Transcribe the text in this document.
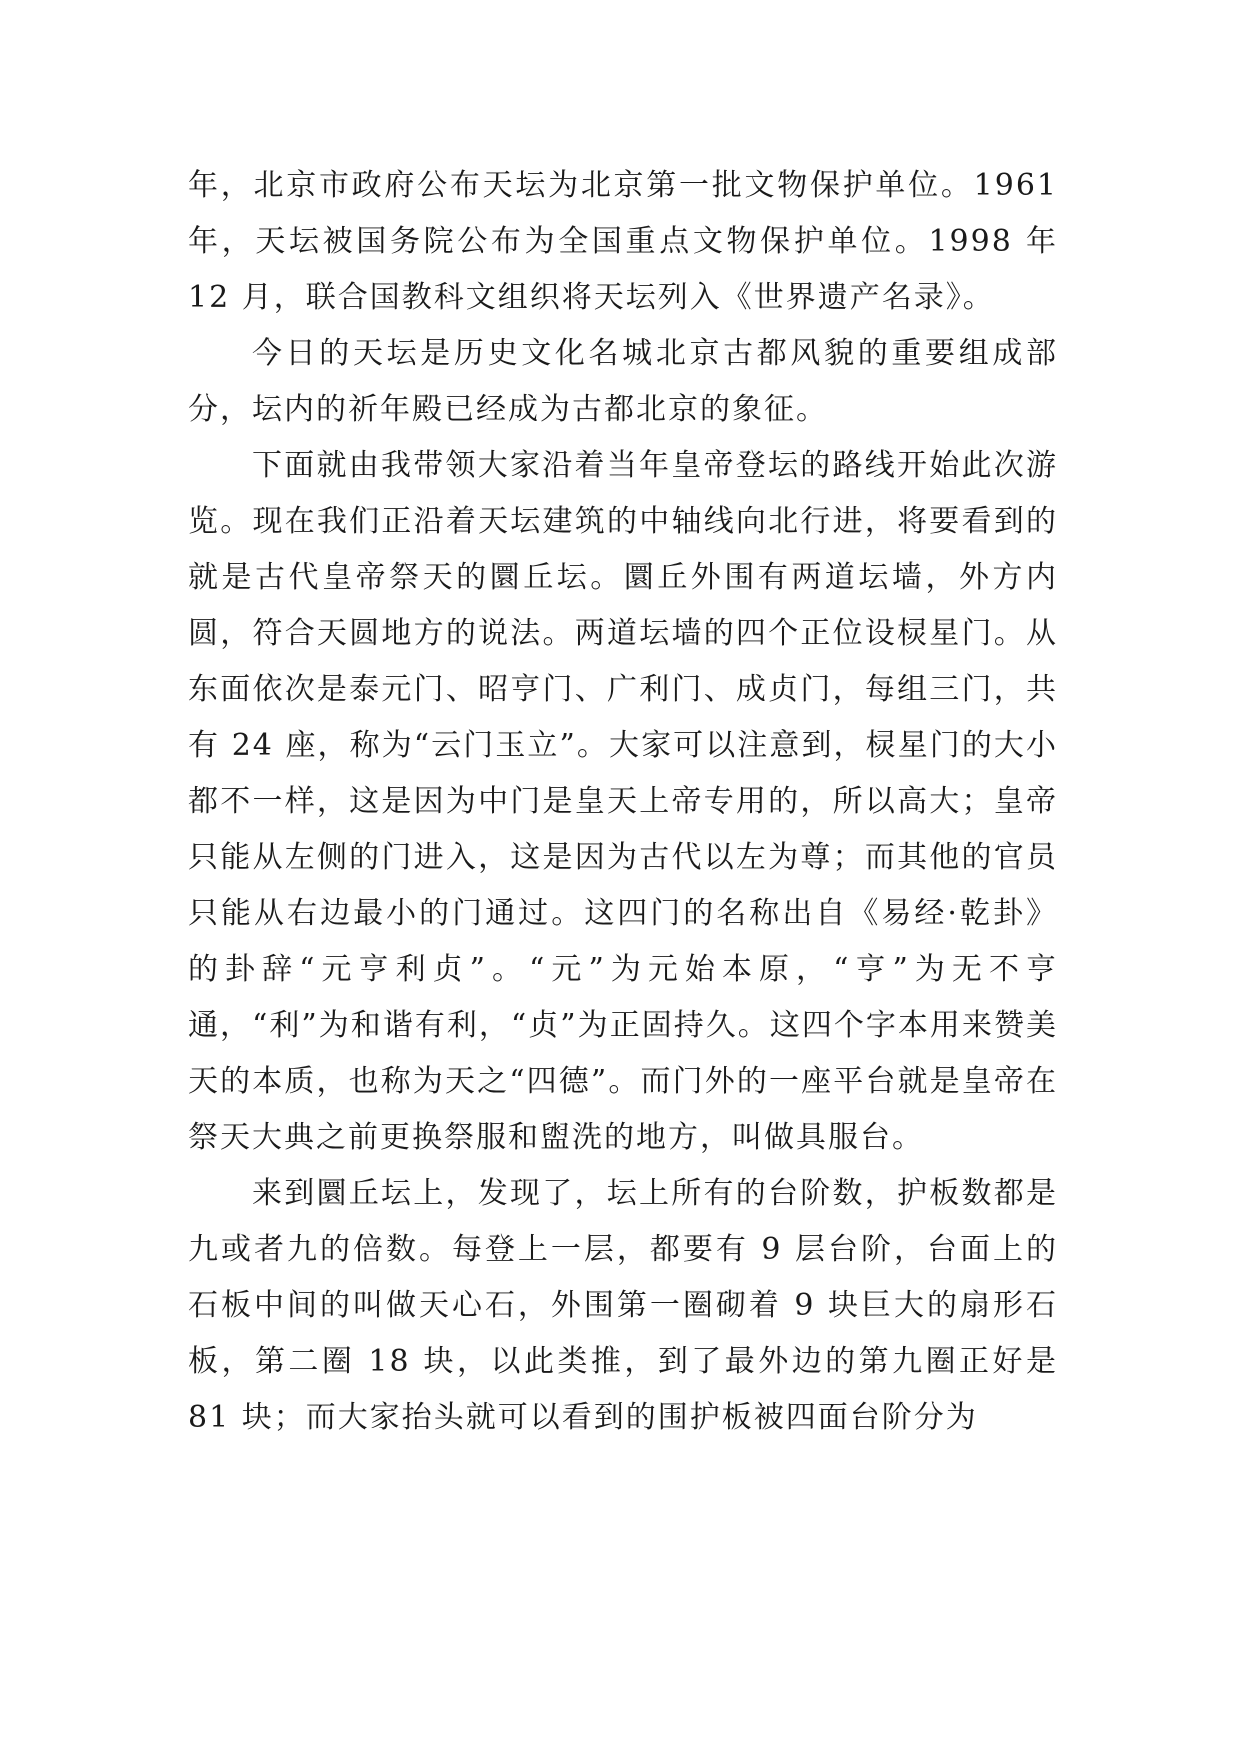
年，北京市政府公布天坛为北京第一批文物保护单位。1961年，天坛被国务院公布为全国重点文物保护单位。1998 年 12 月，联合国教科文组织将天坛列入《世界遗产名录》。

今日的天坛是历史文化名城北京古都风貌的重要组成部分，坛内的祈年殿已经成为古都北京的象征。

下面就由我带领大家沿着当年皇帝登坛的路线开始此次游览。现在我们正沿着天坛建筑的中轴线向北行进，将要看到的就是古代皇帝祭天的圜丘坛。圜丘外围有两道坛墙，外方内圆，符合天圆地方的说法。两道坛墙的四个正位设棂星门。从东面依次是泰元门、昭亨门、广利门、成贞门，每组三门，共有 24 座，称为“云门玉立”。大家可以注意到，棂星门的大小都不一样，这是因为中门是皇天上帝专用的，所以高大；皇帝只能从左侧的门进入，这是因为古代以左为尊；而其他的官员只能从右边最小的门通过。这四门的名称出自《易经·乾卦》的卦辞“元亨利贞”。“元”为元始本原，“亨”为无不亨通，“利”为和谐有利，“贞”为正固持久。这四个字本用来赞美天的本质，也称为天之“四德”。而门外的一座平台就是皇帝在祭天大典之前更换祭服和盥洗的地方，叫做具服台。

来到圜丘坛上，发现了，坛上所有的台阶数，护板数都是九或者九的倍数。每登上一层，都要有 9 层台阶，台面上的石板中间的叫做天心石，外围第一圈砌着 9 块巨大的扇形石板，第二圈 18 块，以此类推，到了最外边的第九圈正好是 81 块；而大家抬头就可以看到的围护板被四面台阶分为
